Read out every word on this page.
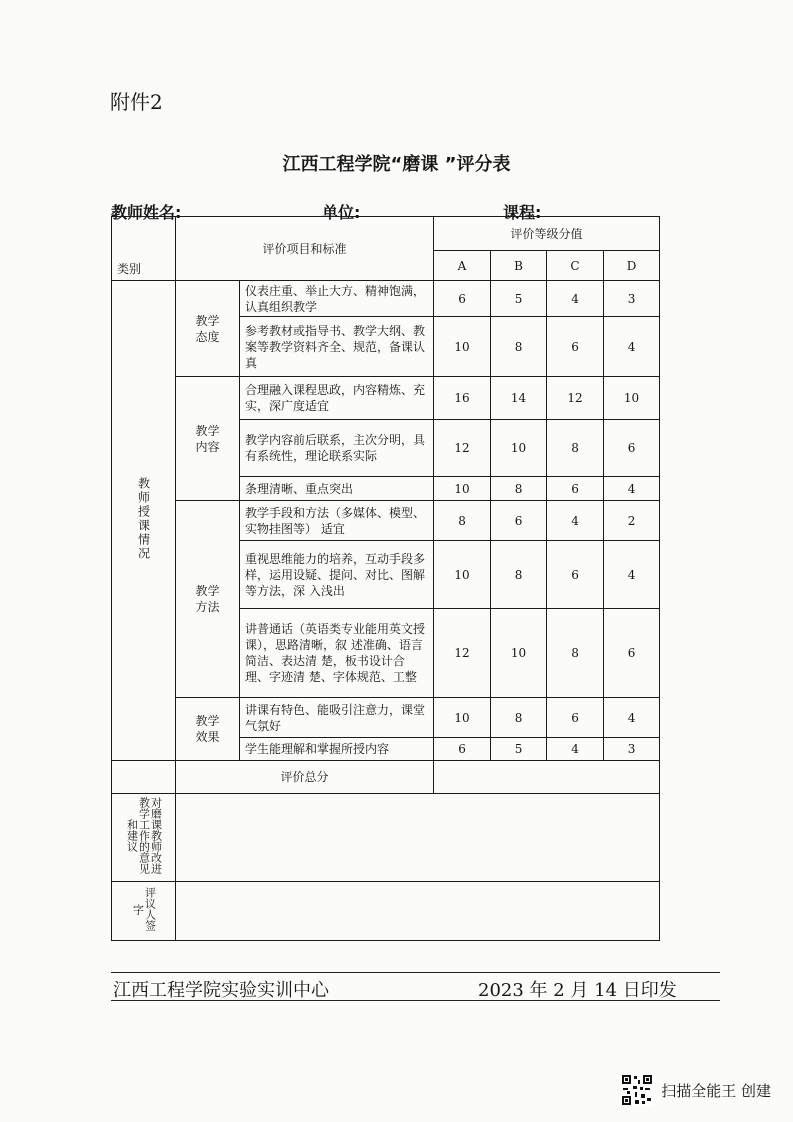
附件2
江西工程学院“磨课 ”评分表
教师姓名:	单位:	课程:
类别	评价项目和标准		评价等级分值			
			A	B	C	D
教师授课情况	教学态度	仪表庄重、举止大方、精神饱满，认真组织教学	6	5	4	3
		参考教材或指导书、教学大纲、教案等教学资料齐全、规范，备课认真	10	8	6	4
	教学内容	合理融入课程思政，内容精炼、充实，深广度适宜	16	14	12	10
		教学内容前后联系，主次分明，具有系统性，理论联系实际	12	10	8	6
		条理清晰、重点突出	10	8	6	4
	教学方法	教学手段和方法（多媒体、模型、实物挂图等） 适宜	8	6	4	2
		重视思维能力的培养，互动手段多样，运用设疑、提问、对比、图解等方法，深 入浅出	10	8	6	4
		讲普通话（英语类专业能用英文授课），思路清晰，叙 述准确、语言简洁、表达清 楚，板书设计合理、字迹清 楚、字体规范、工整	12	10	8	6
	教学效果	讲课有特色、能吸引注意力，课堂气氛好	10	8	6	4
		学生能理解和掌握所授内容	6	5	4	3
	评价总分					
对磨课教师改进教学工作的意见和建议						
评议人签字						
江西工程学院实验实训中心	2023 年 2 月 14 日印发
扫描全能王 创建
